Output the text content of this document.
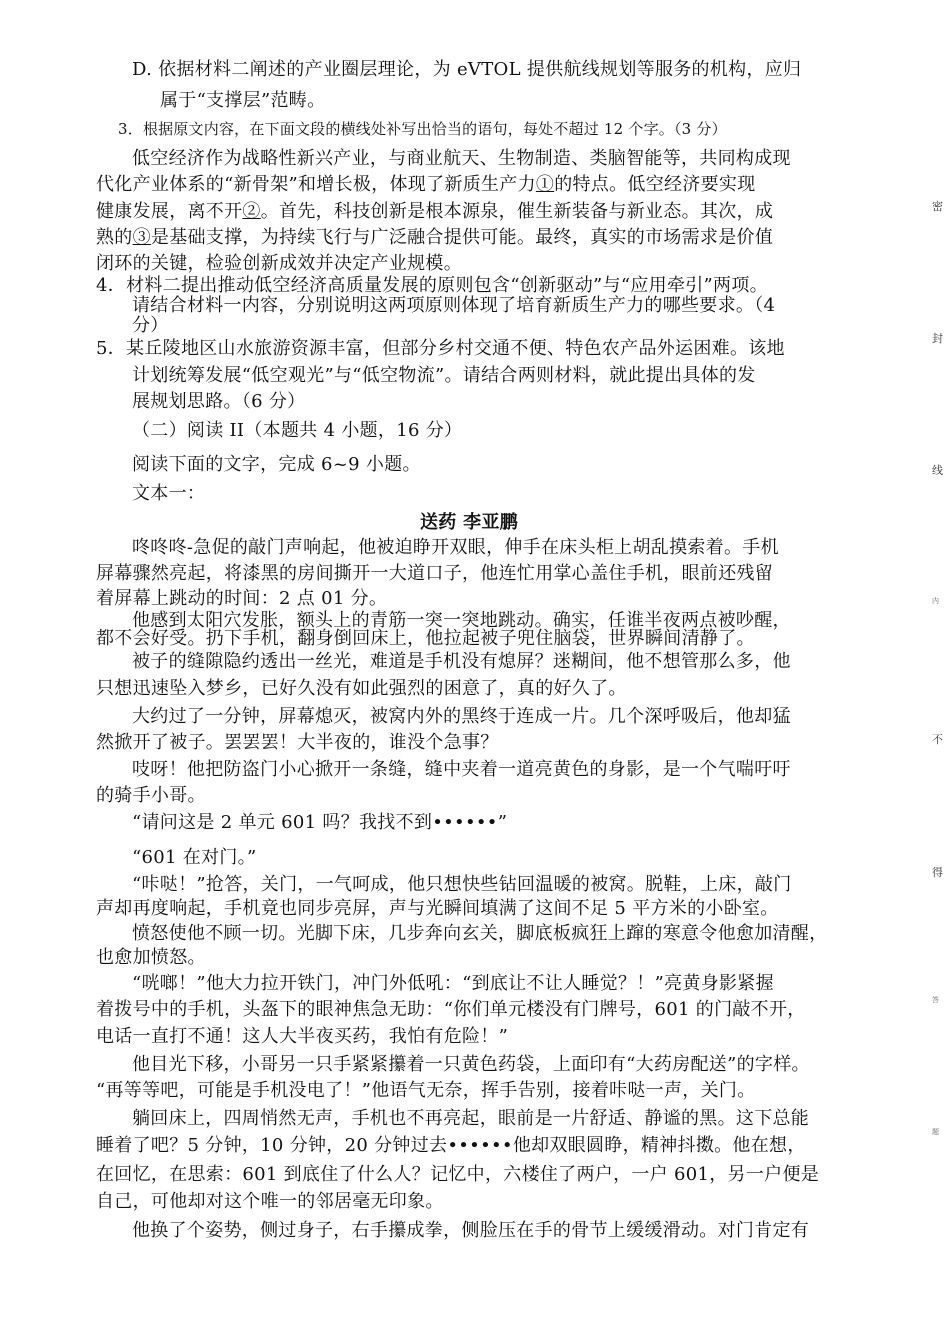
D. 依据材料二阐述的产业圈层理论，为 eVTOL 提供航线规划等服务的机构，应归
属于“支撑层”范畴。
3．根据原文内容，在下面文段的横线处补写出恰当的语句，每处不超过 12 个字。（3 分）
低空经济作为战略性新兴产业，与商业航天、生物制造、类脑智能等，共同构成现
代化产业体系的“新骨架”和增长极，体现了新质生产力①的特点。低空经济要实现
健康发展，离不开②。首先，科技创新是根本源泉，催生新装备与新业态。其次，成
熟的③是基础支撑，为持续飞行与广泛融合提供可能。最终，真实的市场需求是价值
闭环的关键，检验创新成效并决定产业规模。
4．材料二提出推动低空经济高质量发展的原则包含“创新驱动”与“应用牵引”两项。
请结合材料一内容，分别说明这两项原则体现了培育新质生产力的哪些要求。（4
分）
5．某丘陵地区山水旅游资源丰富，但部分乡村交通不便、特色农产品外运困难。该地
计划统筹发展“低空观光”与“低空物流”。请结合两则材料，就此提出具体的发
展规划思路。（6 分）
（二）阅读 II（本题共 4 小题，16 分）
阅读下面的文字，完成 6~9 小题。
文本一：
送药 李亚鹏
咚咚咚-急促的敲门声响起，他被迫睁开双眼，伸手在床头柜上胡乱摸索着。手机
屏幕骤然亮起，将漆黑的房间撕开一大道口子，他连忙用掌心盖住手机，眼前还残留
着屏幕上跳动的时间：2 点 01 分。
他感到太阳穴发胀，额头上的青筋一突一突地跳动。确实，任谁半夜两点被吵醒，
都不会好受。扔下手机，翻身倒回床上，他拉起被子兜住脑袋，世界瞬间清静了。
被子的缝隙隐约透出一丝光，难道是手机没有熄屏？迷糊间，他不想管那么多，他
只想迅速坠入梦乡，已好久没有如此强烈的困意了，真的好久了。
大约过了一分钟，屏幕熄灭，被窝内外的黑终于连成一片。几个深呼吸后，他却猛
然掀开了被子。罢罢罢！大半夜的，谁没个急事？
吱呀！他把防盗门小心掀开一条缝，缝中夹着一道亮黄色的身影，是一个气喘吁吁
的骑手小哥。
“请问这是 2 单元 601 吗？我找不到••••••”
“601 在对门。”
“咔哒！”抢答，关门，一气呵成，他只想快些钻回温暖的被窝。脱鞋，上床，敲门
声却再度响起，手机竟也同步亮屏，声与光瞬间填满了这间不足 5 平方米的小卧室。
愤怒使他不顾一切。光脚下床，几步奔向玄关，脚底板疯狂上蹿的寒意令他愈加清醒，
也愈加愤怒。
“咣啷！”他大力拉开铁门，冲门外低吼：“到底让不让人睡觉？！”亮黄身影紧握
着拨号中的手机，头盔下的眼神焦急无助：“你们单元楼没有门牌号，601 的门敲不开，
电话一直打不通！这人大半夜买药，我怕有危险！”
他目光下移，小哥另一只手紧紧攥着一只黄色药袋，上面印有“大药房配送”的字样。
“再等等吧，可能是手机没电了！”他语气无奈，挥手告别，接着咔哒一声，关门。
躺回床上，四周悄然无声，手机也不再亮起，眼前是一片舒适、静谧的黑。这下总能
睡着了吧？5 分钟，10 分钟，20 分钟过去••••••他却双眼圆睁，精神抖擞。他在想，
在回忆，在思索：601 到底住了什么人？记忆中，六楼住了两户，一户 601，另一户便是
自己，可他却对这个唯一的邻居毫无印象。
他换了个姿势，侧过身子，右手攥成拳，侧脸压在手的骨节上缓缓滑动。对门肯定有
密
封
线
内
不
得
答
题
